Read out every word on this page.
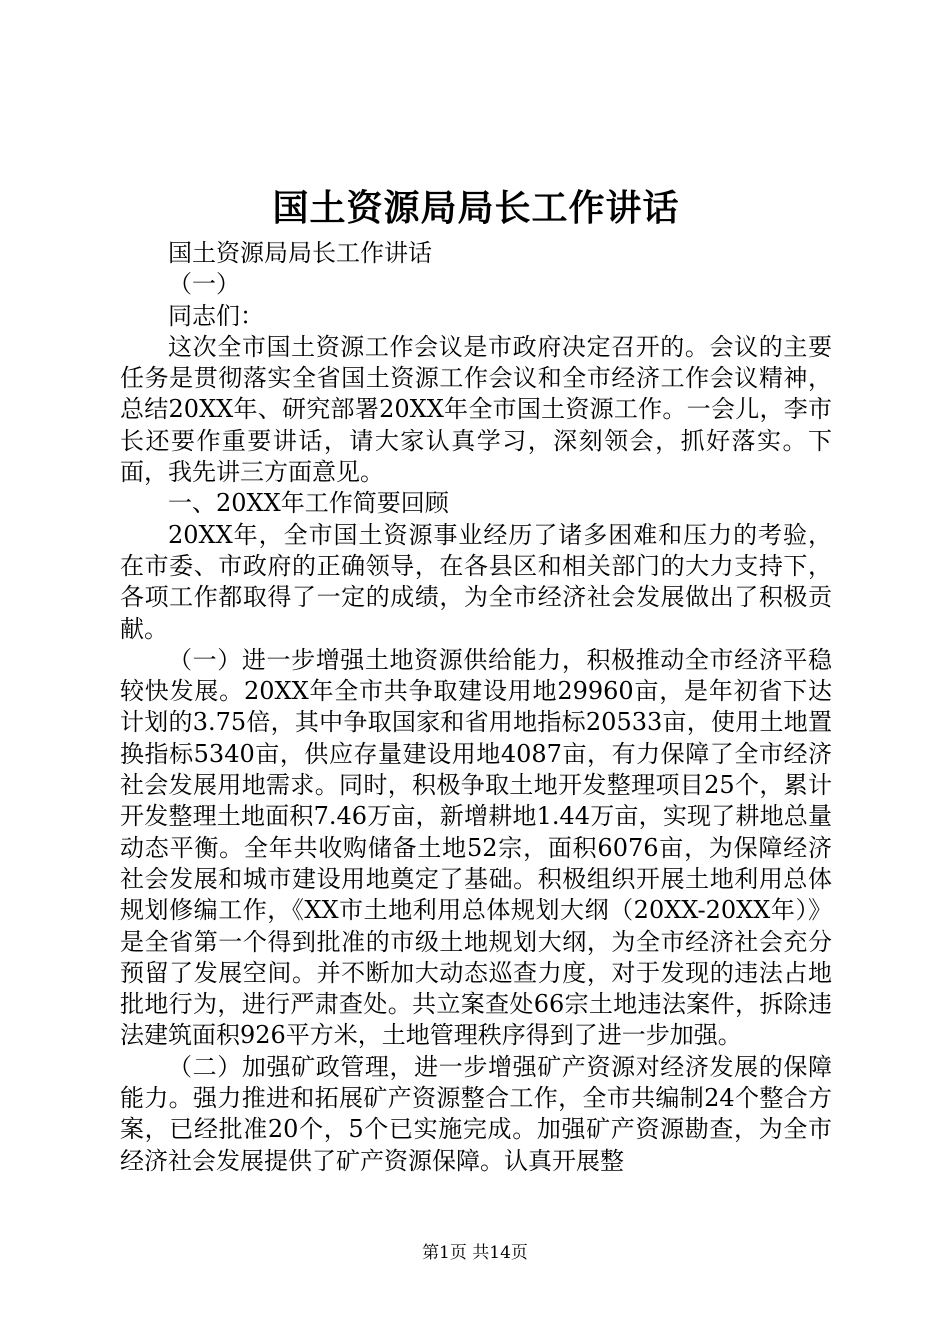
国土资源局局长工作讲话

国土资源局局长工作讲话

（一）

同志们：

这次全市国土资源工作会议是市政府决定召开的。会议的主要任务是贯彻落实全省国土资源工作会议和全市经济工作会议精神，总结20XX年、研究部署20XX年全市国土资源工作。一会儿，李市长还要作重要讲话，请大家认真学习，深刻领会，抓好落实。下面，我先讲三方面意见。

一、20XX年工作简要回顾

20XX年，全市国土资源事业经历了诸多困难和压力的考验，在市委、市政府的正确领导，在各县区和相关部门的大力支持下，各项工作都取得了一定的成绩，为全市经济社会发展做出了积极贡献。

（一）进一步增强土地资源供给能力，积极推动全市经济平稳较快发展。20XX年全市共争取建设用地29960亩，是年初省下达计划的3.75倍，其中争取国家和省用地指标20533亩，使用土地置换指标5340亩，供应存量建设用地4087亩，有力保障了全市经济社会发展用地需求。同时，积极争取土地开发整理项目25个，累计开发整理土地面积7.46万亩，新增耕地1.44万亩，实现了耕地总量动态平衡。全年共收购储备土地52宗，面积6076亩，为保障经济社会发展和城市建设用地奠定了基础。积极组织开展土地利用总体规划修编工作，《XX市土地利用总体规划大纲（20XX-20XX年）》是全省第一个得到批准的市级土地规划大纲，为全市经济社会充分预留了发展空间。并不断加大动态巡查力度，对于发现的违法占地批地行为，进行严肃查处。共立案查处66宗土地违法案件，拆除违法建筑面积926平方米，土地管理秩序得到了进一步加强。

（二）加强矿政管理，进一步增强矿产资源对经济发展的保障能力。强力推进和拓展矿产资源整合工作，全市共编制24个整合方案，已经批准20个，5个已实施完成。加强矿产资源勘查，为全市经济社会发展提供了矿产资源保障。认真开展整

第1页 共14页
